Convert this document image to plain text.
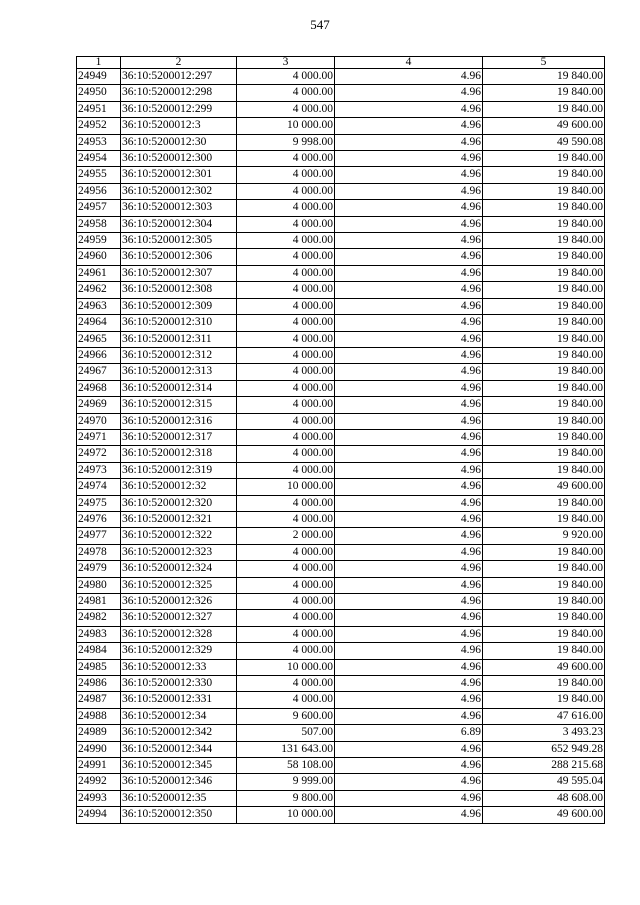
547
1	2	3	4	5
24949	36:10:5200012:297	4 000.00	4.96	19 840.00
24950	36:10:5200012:298	4 000.00	4.96	19 840.00
24951	36:10:5200012:299	4 000.00	4.96	19 840.00
24952	36:10:5200012:3	10 000.00	4.96	49 600.00
24953	36:10:5200012:30	9 998.00	4.96	49 590.08
24954	36:10:5200012:300	4 000.00	4.96	19 840.00
24955	36:10:5200012:301	4 000.00	4.96	19 840.00
24956	36:10:5200012:302	4 000.00	4.96	19 840.00
24957	36:10:5200012:303	4 000.00	4.96	19 840.00
24958	36:10:5200012:304	4 000.00	4.96	19 840.00
24959	36:10:5200012:305	4 000.00	4.96	19 840.00
24960	36:10:5200012:306	4 000.00	4.96	19 840.00
24961	36:10:5200012:307	4 000.00	4.96	19 840.00
24962	36:10:5200012:308	4 000.00	4.96	19 840.00
24963	36:10:5200012:309	4 000.00	4.96	19 840.00
24964	36:10:5200012:310	4 000.00	4.96	19 840.00
24965	36:10:5200012:311	4 000.00	4.96	19 840.00
24966	36:10:5200012:312	4 000.00	4.96	19 840.00
24967	36:10:5200012:313	4 000.00	4.96	19 840.00
24968	36:10:5200012:314	4 000.00	4.96	19 840.00
24969	36:10:5200012:315	4 000.00	4.96	19 840.00
24970	36:10:5200012:316	4 000.00	4.96	19 840.00
24971	36:10:5200012:317	4 000.00	4.96	19 840.00
24972	36:10:5200012:318	4 000.00	4.96	19 840.00
24973	36:10:5200012:319	4 000.00	4.96	19 840.00
24974	36:10:5200012:32	10 000.00	4.96	49 600.00
24975	36:10:5200012:320	4 000.00	4.96	19 840.00
24976	36:10:5200012:321	4 000.00	4.96	19 840.00
24977	36:10:5200012:322	2 000.00	4.96	9 920.00
24978	36:10:5200012:323	4 000.00	4.96	19 840.00
24979	36:10:5200012:324	4 000.00	4.96	19 840.00
24980	36:10:5200012:325	4 000.00	4.96	19 840.00
24981	36:10:5200012:326	4 000.00	4.96	19 840.00
24982	36:10:5200012:327	4 000.00	4.96	19 840.00
24983	36:10:5200012:328	4 000.00	4.96	19 840.00
24984	36:10:5200012:329	4 000.00	4.96	19 840.00
24985	36:10:5200012:33	10 000.00	4.96	49 600.00
24986	36:10:5200012:330	4 000.00	4.96	19 840.00
24987	36:10:5200012:331	4 000.00	4.96	19 840.00
24988	36:10:5200012:34	9 600.00	4.96	47 616.00
24989	36:10:5200012:342	507.00	6.89	3 493.23
24990	36:10:5200012:344	131 643.00	4.96	652 949.28
24991	36:10:5200012:345	58 108.00	4.96	288 215.68
24992	36:10:5200012:346	9 999.00	4.96	49 595.04
24993	36:10:5200012:35	9 800.00	4.96	48 608.00
24994	36:10:5200012:350	10 000.00	4.96	49 600.00
